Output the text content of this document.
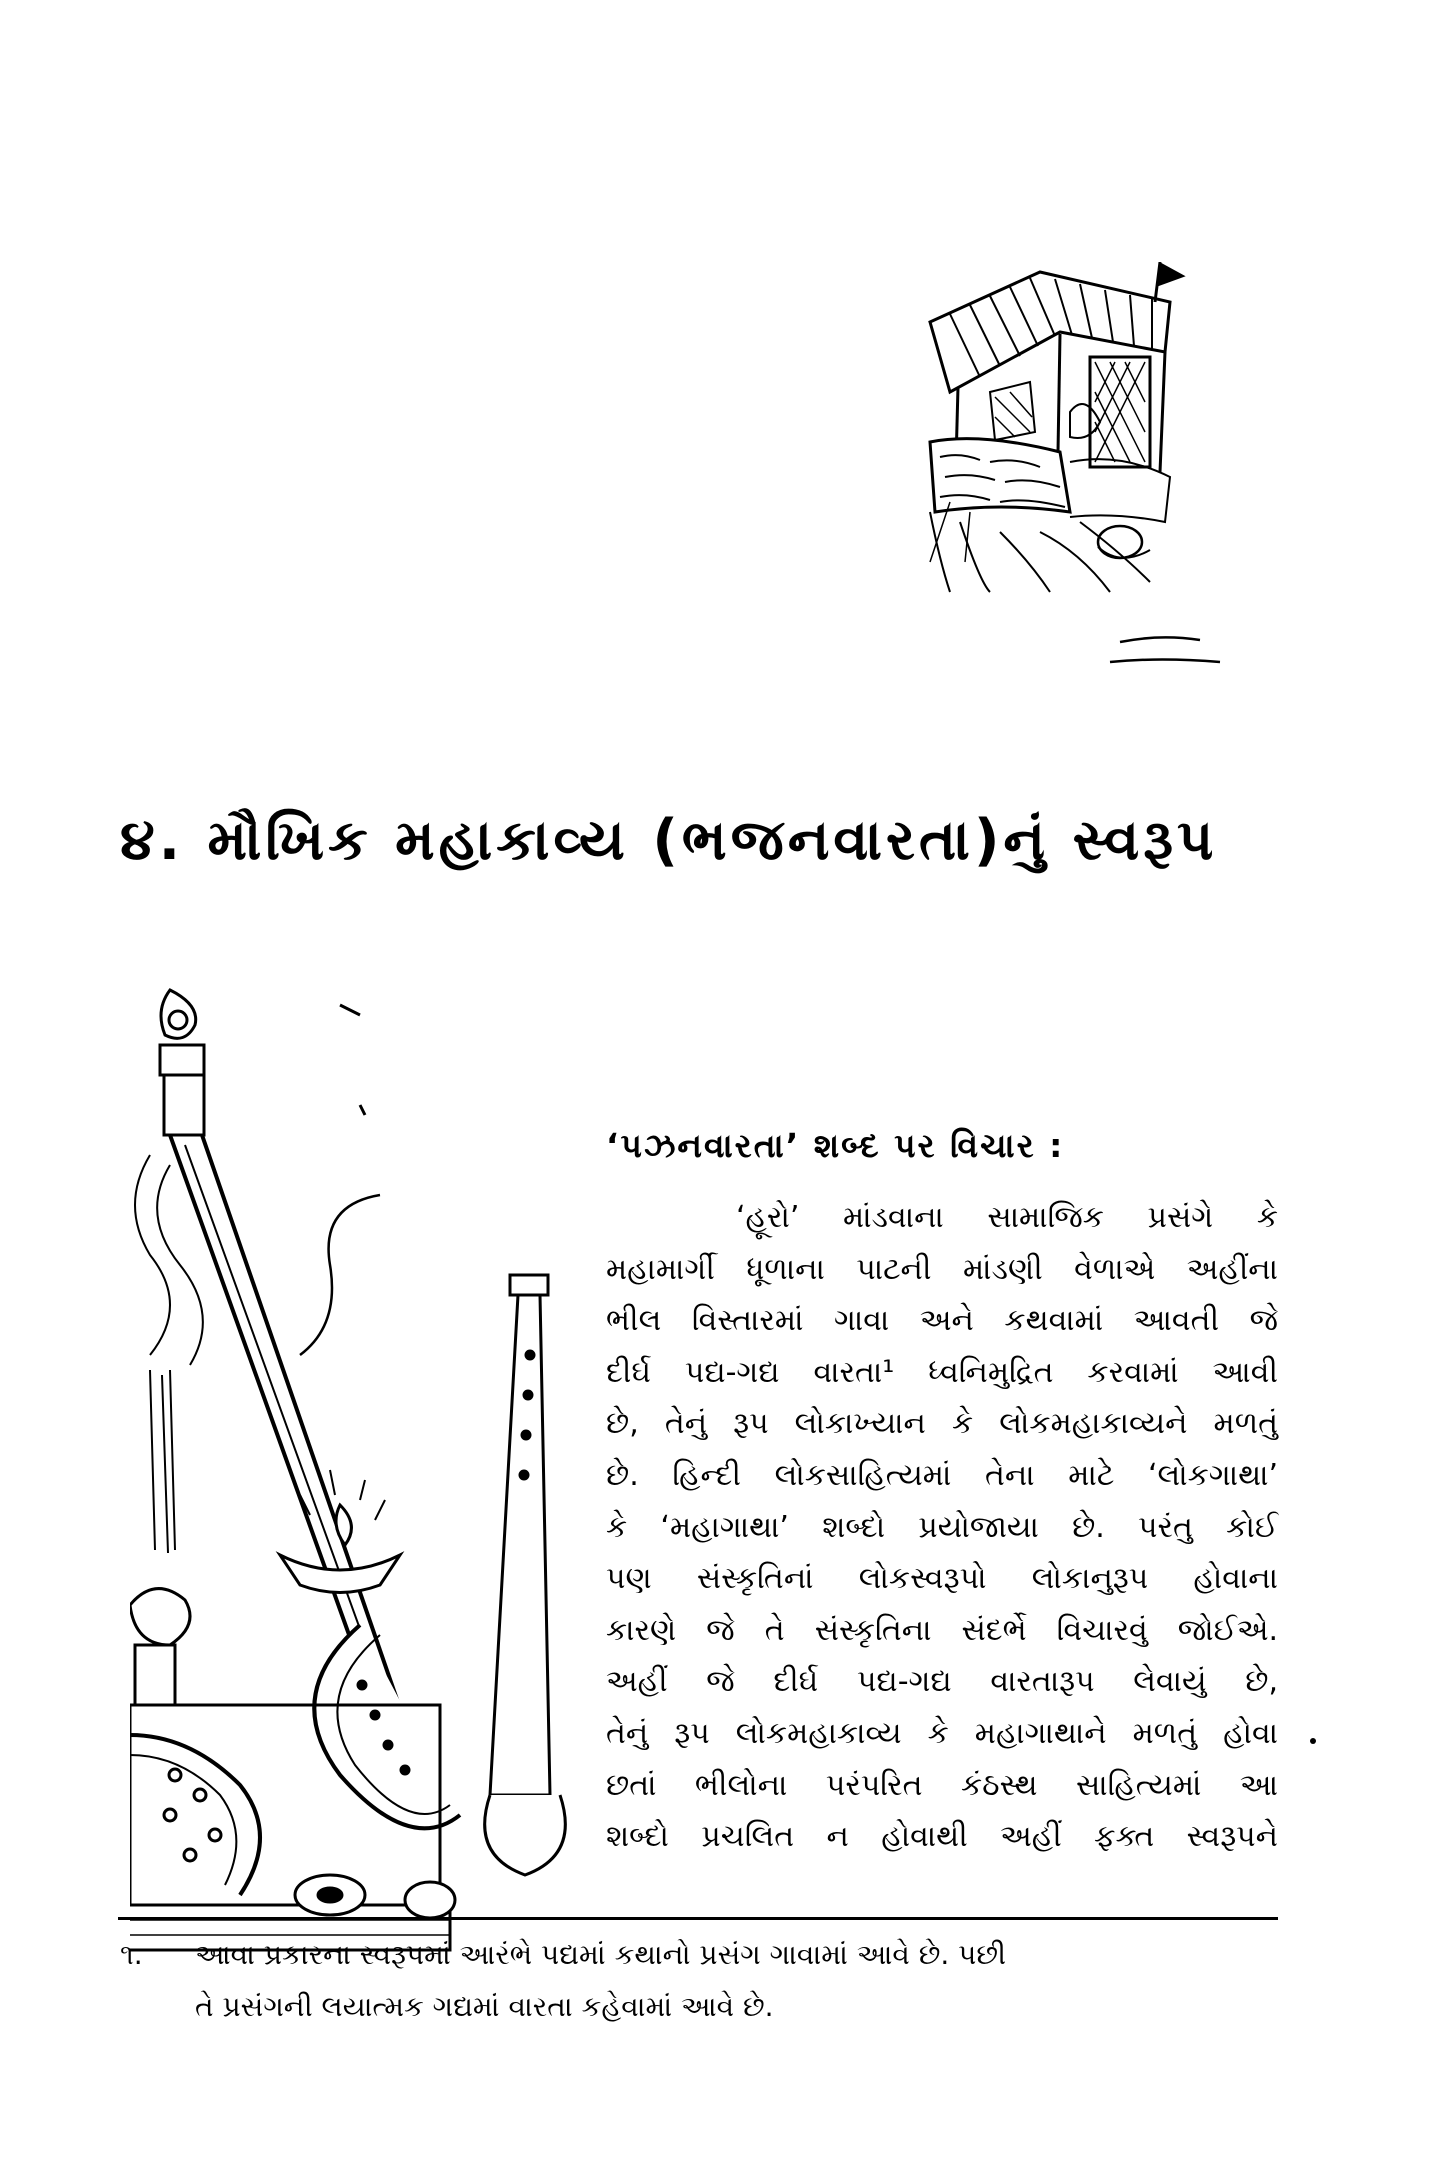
૪. મૌખિક મહાકાવ્ય (ભજનવારતા)નું સ્વરૂપ
‘પઝનવારતા’ શબ્દ પર વિચાર :
‘હૂરો’ માંડવાના સામાજિક પ્રસંગે કે
મહામાર્ગી ધૂળાના પાટની માંડણી વેળાએ અહીંના
ભીલ વિસ્તારમાં ગાવા અને કથવામાં આવતી જે
દીર્ઘ પદ્ય-ગદ્ય વારતા¹ ધ્વનિમુદ્રિત કરવામાં આવી
છે, તેનું રૂપ લોકાખ્યાન કે લોકમહાકાવ્યને મળતું
છે. હિન્દી લોકસાહિત્યમાં તેના માટે ‘લોકગાથા’
કે ‘મહાગાથા’ શબ્દો પ્રયોજાયા છે. પરંતુ કોઈ
પણ સંસ્કૃતિનાં લોકસ્વરૂપો લોકાનુરૂપ હોવાના
કારણે જે તે સંસ્કૃતિના સંદર્ભે વિચારવું જોઈએ.
અહીં જે દીર્ઘ પદ્ય-ગદ્ય વારતારૂપ લેવાયું છે,
તેનું રૂપ લોકમહાકાવ્ય કે મહાગાથાને મળતું હોવા
છતાં ભીલોના પરંપરિત કંઠસ્થ સાહિત્યમાં આ
શબ્દો પ્રચલિત ન હોવાથી અહીં ફક્ત સ્વરૂપને
૧.	આવા પ્રકારના સ્વરૂપમાં આરંભે પદ્યમાં કથાનો પ્રસંગ ગાવામાં આવે છે. પછી
તે પ્રસંગની લયાત્મક ગદ્યમાં વારતા કહેવામાં આવે છે.
